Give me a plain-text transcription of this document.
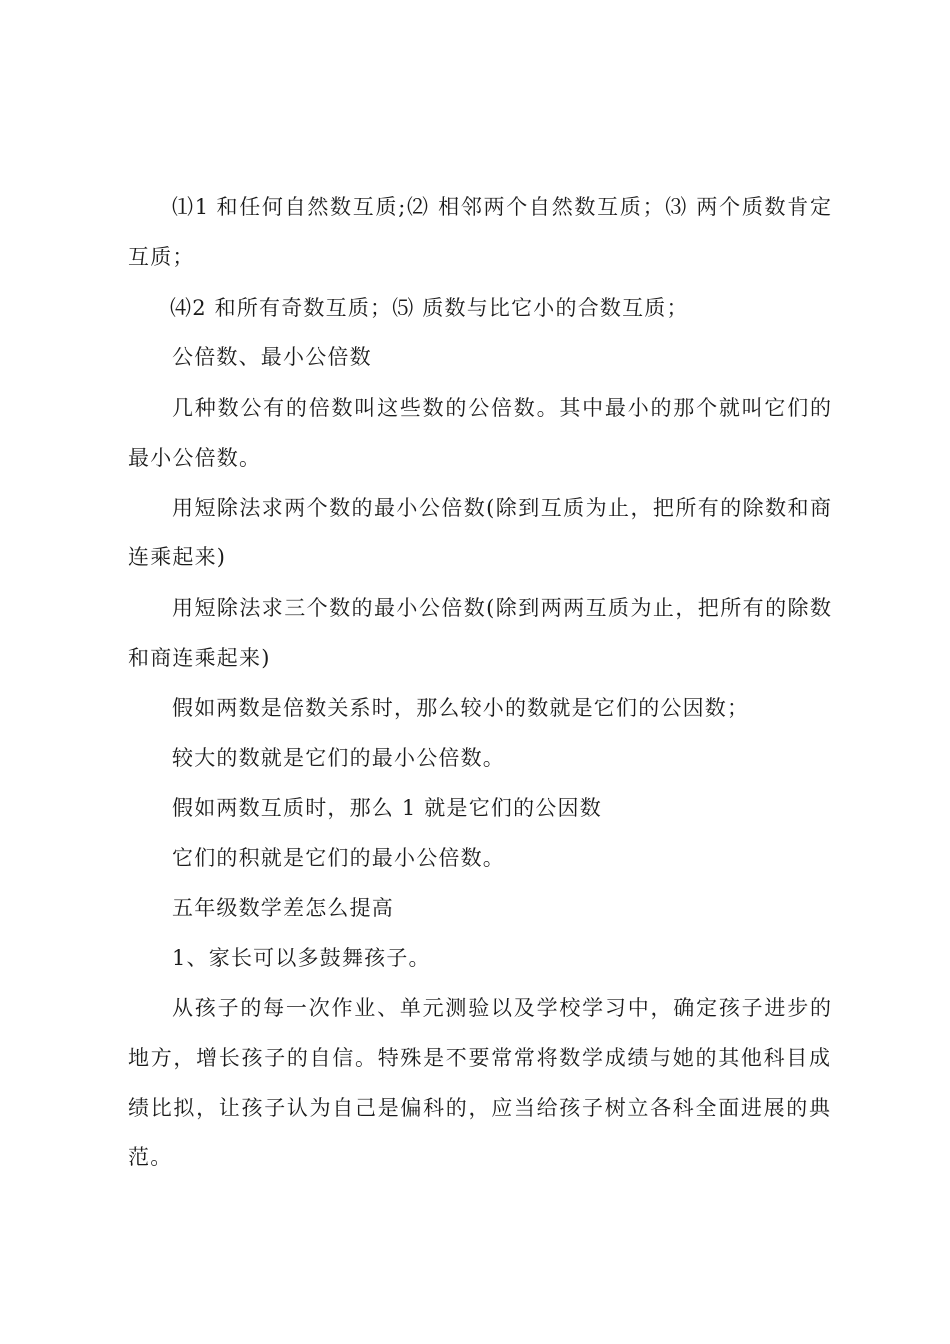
⑴1 和任何自然数互质;⑵ 相邻两个自然数互质；⑶ 两个质数肯定
互质；
⑷2 和所有奇数互质；⑸ 质数与比它小的合数互质；
公倍数、最小公倍数
几种数公有的倍数叫这些数的公倍数。其中最小的那个就叫它们的
最小公倍数。
用短除法求两个数的最小公倍数(除到互质为止，把所有的除数和商
连乘起来)
用短除法求三个数的最小公倍数(除到两两互质为止，把所有的除数
和商连乘起来)
假如两数是倍数关系时，那么较小的数就是它们的公因数；
较大的数就是它们的最小公倍数。
假如两数互质时，那么 1 就是它们的公因数
它们的积就是它们的最小公倍数。
五年级数学差怎么提高
1、家长可以多鼓舞孩子。
从孩子的每一次作业、单元测验以及学校学习中，确定孩子进步的
地方，增长孩子的自信。特殊是不要常常将数学成绩与她的其他科目成
绩比拟，让孩子认为自己是偏科的，应当给孩子树立各科全面进展的典
范。
